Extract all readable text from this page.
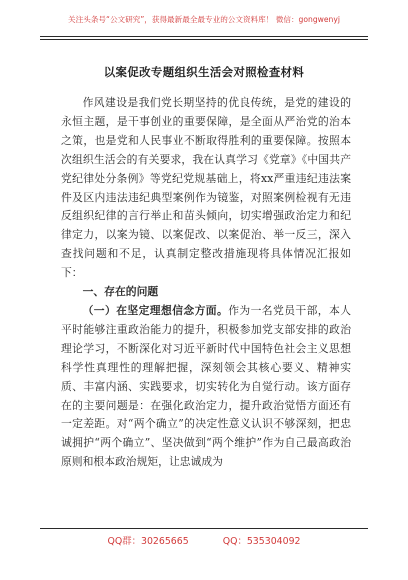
关注头条号“公文研究”，获得最新最全最专业的公文资料库！ 微信：gongwenyj
以案促改专题组织生活会对照检查材料

作风建设是我们党长期坚持的优良传统，是党的建设的永恒主题，是干事创业的重要保障，是全面从严治党的治本之策，也是党和人民事业不断取得胜利的重要保障。按照本次组织生活会的有关要求，我在认真学习《党章》《中国共产党纪律处分条例》等党纪党规基础上，将xx严重违纪违法案件及区内违法违纪典型案例作为镜鉴，对照案例检视有无违反组织纪律的言行举止和苗头倾向，切实增强政治定力和纪律定力，以案为镜、以案促改、以案促治、举一反三，深入查找问题和不足，认真制定整改措施现将具体情况汇报如下：

一、存在的问题

（一）在坚定理想信念方面。作为一名党员干部，本人平时能够注重政治能力的提升，积极参加党支部安排的政治理论学习，不断深化对习近平新时代中国特色社会主义思想科学性真理性的理解把握，深刻领会其核心要义、精神实质、丰富内涵、实践要求，切实转化为自觉行动。该方面存在的主要问题是：在强化政治定力，提升政治觉悟方面还有一定差距。对“两个确立”的决定性意义认识不够深刻，把忠诚拥护“两个确立”、坚决做到“两个维护”作为自己最高政治原则和根本政治规矩，让忠诚成为

QQ群：30265665	QQ：535304092
